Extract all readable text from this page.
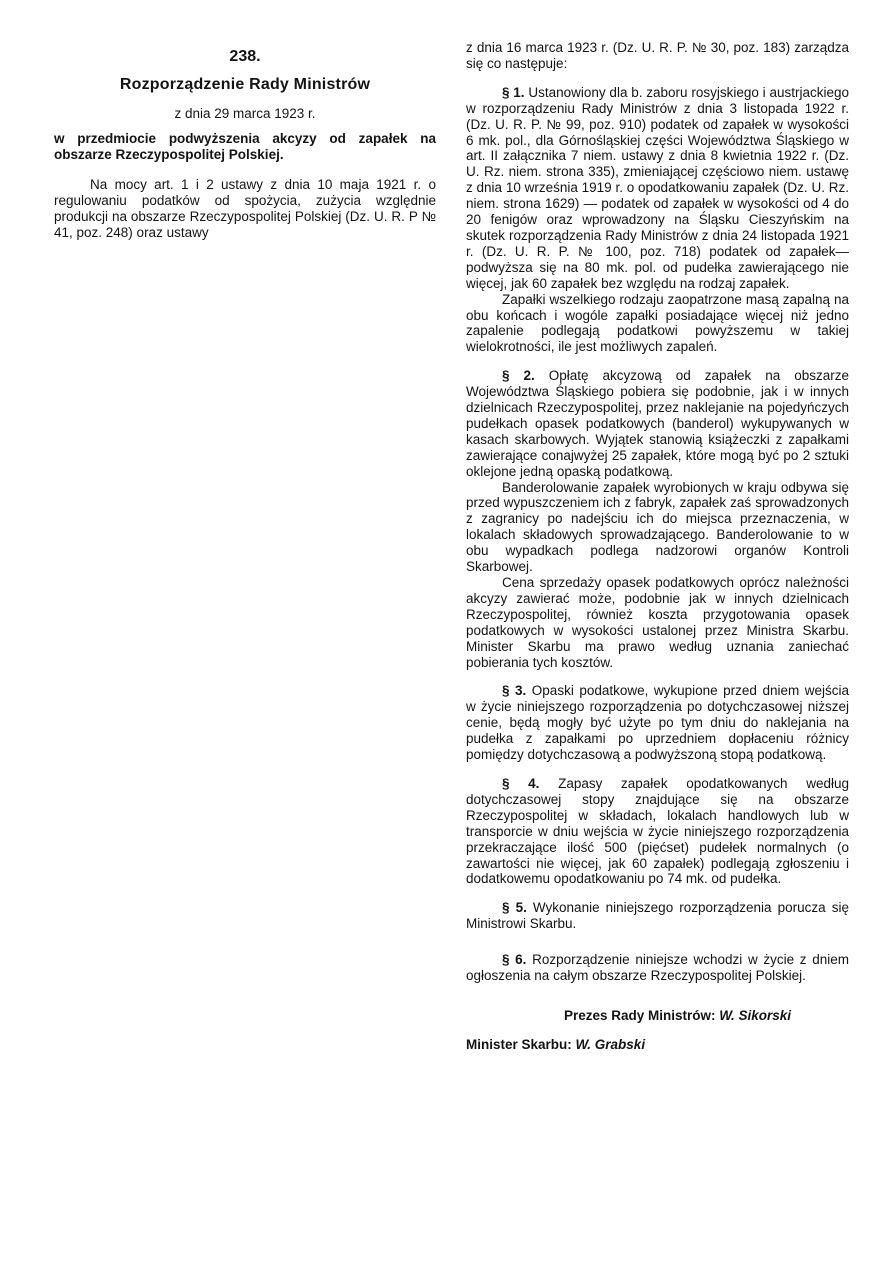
238.
Rozporządzenie Rady Ministrów
z dnia 29 marca 1923 r.
w przedmiocie podwyższenia akcyzy od zapałek na obszarze Rzeczypospolitej Polskiej.

Na mocy art. 1 i 2 ustawy z dnia 10 maja 1921 r. o regulowaniu podatków od spożycia, zużycia względnie produkcji na obszarze Rzeczypospolitej Polskiej (Dz. U. R. P № 41, poz. 248) oraz ustawy

z dnia 16 marca 1923 r. (Dz. U. R. P. № 30, poz. 183) zarządza się co następuje:

§ 1. Ustanowiony dla b. zaboru rosyjskiego i austrjackiego w rozporządzeniu Rady Ministrów z dnia 3 listopada 1922 r. (Dz. U. R. P. № 99, poz. 910) podatek od zapałek w wysokości 6 mk. pol., dla Górnośląskiej części Województwa Śląskiego w art. II załącznika 7 niem. ustawy z dnia 8 kwietnia 1922 r. (Dz. U. Rz. niem. strona 335), zmieniającej częściowo niem. ustawę z dnia 10 września 1919 r. o opodatkowaniu zapałek (Dz. U. Rz. niem. strona 1629) — podatek od zapałek w wysokości od 4 do 20 fenigów oraz wprowadzony na Śląsku Cieszyńskim na skutek rozporządzenia Rady Ministrów z dnia 24 listopada 1921 r. (Dz. U. R. P. № 100, poz. 718) podatek od zapałek—podwyższa się na 80 mk. pol. od pudełka zawierającego nie więcej, jak 60 zapałek bez względu na rodzaj zapałek.

Zapałki wszelkiego rodzaju zaopatrzone masą zapalną na obu końcach i wogóle zapałki posiadające więcej niż jedno zapalenie podlegają podatkowi powyższemu w takiej wielokrotności, ile jest możliwych zapaleń.

§ 2. Opłatę akcyzową od zapałek na obszarze Województwa Śląskiego pobiera się podobnie, jak i w innych dzielnicach Rzeczypospolitej, przez naklejanie na pojedyńczych pudełkach opasek podatkowych (banderol) wykupywanych w kasach skarbowych. Wyjątek stanowią książeczki z zapałkami zawierające conajwyżej 25 zapałek, które mogą być po 2 sztuki oklejone jedną opaską podatkową.

Banderolowanie zapałek wyrobionych w kraju odbywa się przed wypuszczeniem ich z fabryk, zapałek zaś sprowadzonych z zagranicy po nadejściu ich do miejsca przeznaczenia, w lokalach składowych sprowadzającego. Banderolowanie to w obu wypadkach podlega nadzorowi organów Kontroli Skarbowej.

Cena sprzedaży opasek podatkowych oprócz należności akcyzy zawierać może, podobnie jak w innych dzielnicach Rzeczypospolitej, również koszta przygotowania opasek podatkowych w wysokości ustalonej przez Ministra Skarbu. Minister Skarbu ma prawo według uznania zaniechać pobierania tych kosztów.

§ 3. Opaski podatkowe, wykupione przed dniem wejścia w życie niniejszego rozporządzenia po dotychczasowej niższej cenie, będą mogły być użyte po tym dniu do naklejania na pudełka z zapałkami po uprzedniem dopłaceniu różnicy pomiędzy dotychczasową a podwyższoną stopą podatkową.

§ 4. Zapasy zapałek opodatkowanych według dotychczasowej stopy znajdujące się na obszarze Rzeczypospolitej w składach, lokalach handlowych lub w transporcie w dniu wejścia w życie niniejszego rozporządzenia przekraczające ilość 500 (pięćset) pudełek normalnych (o zawartości nie więcej, jak 60 zapałek) podlegają zgłoszeniu i dodatkowemu opodatkowaniu po 74 mk. od pudełka.

§ 5. Wykonanie niniejszego rozporządzenia porucza się Ministrowi Skarbu.

§ 6. Rozporządzenie niniejsze wchodzi w życie z dniem ogłoszenia na całym obszarze Rzeczypospolitej Polskiej.

Prezes Rady Ministrów: W. Sikorski
Minister Skarbu: W. Grabski
